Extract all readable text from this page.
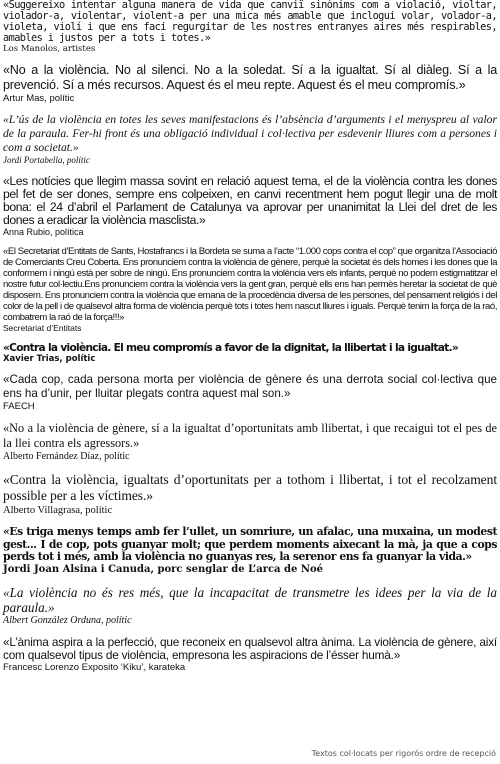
«Suggereixo intentar alguna manera de vida que canviï sinònims com a violació, violtar, violador-a, violentar, violent-a per una mica més amable que inclogui volar, volador-a, violeta, violí i que ens faci regurgitar de les nostres entranyes aires més respirables, amables i justos per a tots i totes.»

Los Manolos, artistes

«No a la violència. No al silenci. No a la soledat. Sí a la igualtat. Sí al diàleg. Sí a la prevenció. Sí a més recursos. Aquest és el meu repte. Aquest és el meu compromís.»

Artur Mas, polític

«L’ús de la violència en totes les seves manifestacions és l’absència d’arguments i el menyspreu al valor de la paraula. Fer-hi front és una obligació individual i col·lectiva per esdevenir lliures com a persones i com a societat.»

Jordi Portabella, polític

«Les notícies que llegim massa sovint en relació aquest tema, el de la violència contra les dones pel fet de ser dones, sempre ens colpeixen, en canvi recentment hem pogut llegir una de molt bona: el 24 d’abril el Parlament de Catalunya va aprovar per unanimitat la Llei del dret de les dones a eradicar la violència masclista.»

Anna Rubio, política

«El Secretariat d’Entitats de Sants, Hostafrancs i la Bordeta se suma a l’acte “1.000 cops contra el cop” que organitza l’Associació de Comerciants Creu Coberta. Ens pronunciem contra la violència de gènere, perquè la societat és dels homes i les dones que la conformem i ningú està per sobre de ningú. Ens pronunciem contra la violència vers els infants, perquè no podem estigmatitzar el nostre futur col·lectiu.Ens pronunciem contra la violència vers la gent gran, perquè ells ens han permès heretar la societat de què disposem. Ens pronunciem contra la violència que emana de la procedència diversa de les persones, del pensament religiós i del color de la pell i de qualsevol altra forma de violència perquè tots i totes hem nascut lliures i iguals. Perquè tenim la força de la raó, combatrem la raó de la força!!!»

Secretariat d’Entitats

«Contra la violència. El meu compromís a favor de la dignitat, la llibertat i la igualtat.»

Xavier Trias, polític

«Cada cop, cada persona morta per violència de gènere és una derrota social col·lectiva que ens ha d’unir, per lluitar plegats contra aquest mal son.»

FAECH

«No a la violència de gènere, sí a la igualtat d’oportunitats amb llibertat, i que recaigui tot el pes de la llei contra els agressors.»

Alberto Fernández Díaz, polític

«Contra la violència, igualtats d’oportunitats per a tothom i llibertat, i tot el recolzament possible per a les víctimes.»

Alberto Villagrasa, polític

«Es triga menys temps amb fer l’ullet, un somriure, un afalac, una muxaina, un modest gest... I de cop, pots guanyar molt; que perdem moments aixecant la mà, ja que a cops perds tot i més, amb la violència no guanyas res, la serenor ens fa guanyar la vida.»

Jordi Joan Alsina i Canuda, porc senglar de L’arca de Noé

«La violència no és res més, que la incapacitat de transmetre les idees per la via de la paraula.»

Albert González Orduna, polític

«L’ànima aspira a la perfecció, que reconeix en qualsevol altra ànima. La violència de gènere, així com qualsevol tipus de violència, empresona les aspiracions de l’ésser humà.»

Francesc Lorenzo Exposito ‘Kiku’, karateka

Textos col·locats per rigorós ordre de recepció
